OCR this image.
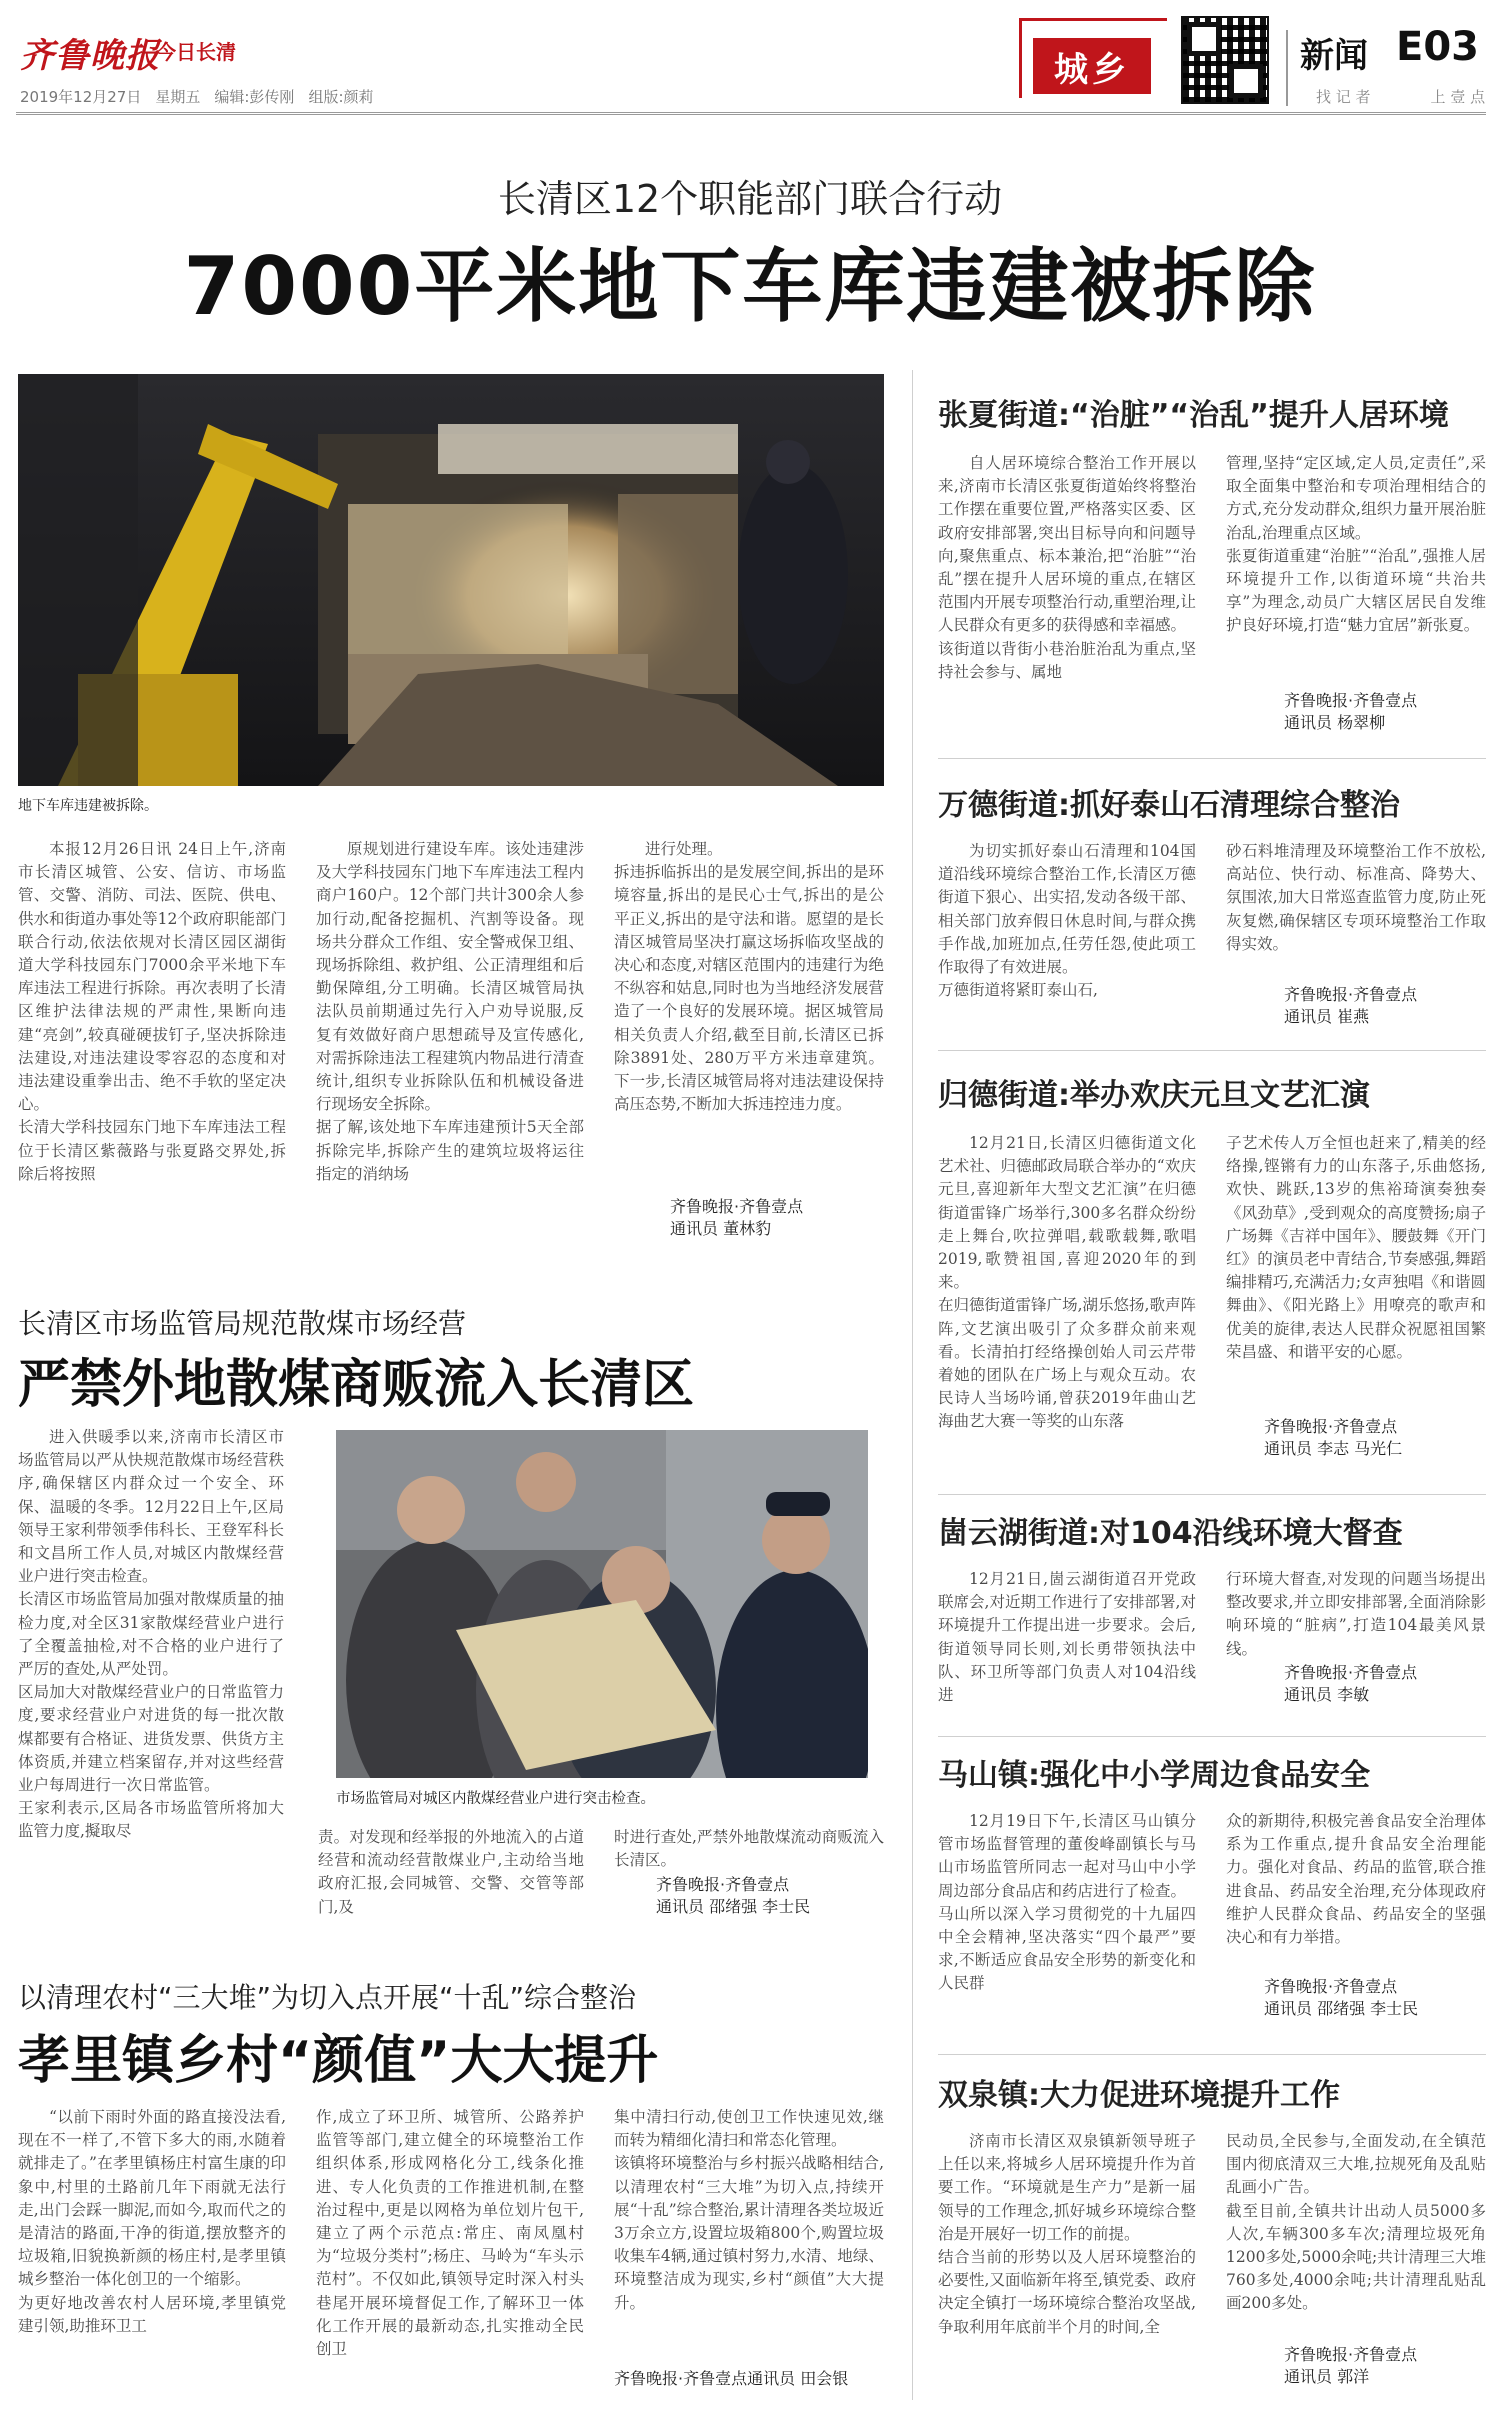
齐鲁晚报
今日长清
2019年12月27日 星期五 编辑:彭传刚 组版:颜莉
城乡	新闻 E03
找 记 者	上 壹 点
长清区12个职能部门联合行动
7000平米地下车库违建被拆除
地下车库违建被拆除。

本报12月26日讯 24日上午,济南市长清区城管、公安、信访、市场监管、交警、消防、司法、医院、供电、供水和街道办事处等12个政府职能部门联合行动,依法依规对长清区园区湖街道大学科技园东门7000余平米地下车库违法工程进行拆除。再次表明了长清区维护法律法规的严肃性,果断向违建“亮剑”,较真碰硬拔钉子,坚决拆除违法建设,对违法建设零容忍的态度和对违法建设重拳出击、绝不手软的坚定决心。
长清大学科技园东门地下车库违法工程位于长清区紫薇路与张夏路交界处,拆除后将按照

原规划进行建设车库。该处违建涉及大学科技园东门地下车库违法工程内商户160户。12个部门共计300余人参加行动,配备挖掘机、汽割等设备。现场共分群众工作组、安全警戒保卫组、现场拆除组、救护组、公正清理组和后勤保障组,分工明确。长清区城管局执法队员前期通过先行入户劝导说服,反复有效做好商户思想疏导及宣传感化,对需拆除违法工程建筑内物品进行清查统计,组织专业拆除队伍和机械设备进行现场安全拆除。
据了解,该处地下车库违建预计5天全部拆除完毕,拆除产生的建筑垃圾将运往指定的消纳场

进行处理。
拆违拆临拆出的是发展空间,拆出的是环境容量,拆出的是民心士气,拆出的是公平正义,拆出的是守法和谐。愿望的是长清区城管局坚决打赢这场拆临攻坚战的决心和态度,对辖区范围内的违建行为绝不纵容和姑息,同时也为当地经济发展营造了一个良好的发展环境。据区城管局相关负责人介绍,截至目前,长清区已拆除3891处、280万平方米违章建筑。下一步,长清区城管局将对违法建设保持高压态势,不断加大拆违控违力度。

齐鲁晚报·齐鲁壹点
通讯员 董林豹
长清区市场监管局规范散煤市场经营
严禁外地散煤商贩流入长清区

进入供暖季以来,济南市长清区市场监管局以严从快规范散煤市场经营秩序,确保辖区内群众过一个安全、环保、温暖的冬季。12月22日上午,区局领导王家利带领季伟科长、王登军科长和文昌所工作人员,对城区内散煤经营业户进行突击检查。
长清区市场监管局加强对散煤质量的抽检力度,对全区31家散煤经营业户进行了全覆盖抽检,对不合格的业户进行了严厉的查处,从严处罚。
区局加大对散煤经营业户的日常监管力度,要求经营业户对进货的每一批次散煤都要有合格证、进货发票、供货方主体资质,并建立档案留存,并对这些经营业户每周进行一次日常监管。
王家利表示,区局各市场监管所将加大监管力度,擬取尽

市场监管局对城区内散煤经营业户进行突击检查。

责。对发现和经举报的外地流入的占道经营和流动经营散煤业户,主动给当地政府汇报,会同城管、交警、交管等部门,及

时进行查处,严禁外地散煤流动商贩流入长清区。

齐鲁晚报·齐鲁壹点
通讯员 邵绪强 李士民
以清理农村“三大堆”为切入点开展“十乱”综合整治
孝里镇乡村“颜值”大大提升

“以前下雨时外面的路直接没法看,现在不一样了,不管下多大的雨,水随着就排走了。”在孝里镇杨庄村富生康的印象中,村里的土路前几年下雨就无法行走,出门会踩一脚泥,而如今,取而代之的是清洁的路面,干净的街道,摆放整齐的垃圾箱,旧貌换新颜的杨庄村,是孝里镇城乡整治一体化创卫的一个缩影。
为更好地改善农村人居环境,孝里镇党建引领,助推环卫工

作,成立了环卫所、城管所、公路养护监管等部门,建立健全的环境整治工作组织体系,形成网格化分工,线条化推进、专人化负责的工作推进机制,在整治过程中,更是以网格为单位划片包干,建立了两个示范点:常庄、南凤凰村为“垃圾分类村”;杨庄、马岭为“车头示范村”。不仅如此,镇领导定时深入村头巷尾开展环境督促工作,了解环卫一体化工作开展的最新动态,扎实推动全民创卫

集中清扫行动,使创卫工作快速见效,继而转为精细化清扫和常态化管理。
该镇将环境整治与乡村振兴战略相结合,以清理农村“三大堆”为切入点,持续开展“十乱”综合整治,累计清理各类垃圾近3万余立方,设置垃圾箱800个,购置垃圾收集车4辆,通过镇村努力,水清、地绿、环境整洁成为现实,乡村“颜值”大大提升。

齐鲁晚报·齐鲁壹点通讯员 田会银
张夏街道:“治脏”“治乱”提升人居环境

自人居环境综合整治工作开展以来,济南市长清区张夏街道始终将整治工作摆在重要位置,严格落实区委、区政府安排部署,突出目标导向和问题导向,聚焦重点、标本兼治,把“治脏”“治乱”摆在提升人居环境的重点,在辖区范围内开展专项整治行动,重塑治理,让人民群众有更多的获得感和幸福感。
该街道以背街小巷治脏治乱为重点,坚持社会参与、属地

管理,坚持“定区域,定人员,定责任”,采取全面集中整治和专项治理相结合的方式,充分发动群众,组织力量开展治脏治乱,治理重点区域。
张夏街道重建“治脏”“治乱”,强推人居环境提升工作,以街道环境“共治共享”为理念,动员广大辖区居民自发维护良好环境,打造“魅力宜居”新张夏。

齐鲁晚报·齐鲁壹点
通讯员 杨翠柳
万德街道:抓好泰山石清理综合整治

为切实抓好泰山石清理和104国道沿线环境综合整治工作,长清区万德街道下狠心、出实招,发动各级干部、相关部门放弃假日休息时间,与群众携手作战,加班加点,任劳任怨,使此项工作取得了有效进展。
万德街道将紧盯泰山石,

砂石料堆清理及环境整治工作不放松,高站位、快行动、标准高、降势大、氛围浓,加大日常巡查监管力度,防止死灰复燃,确保辖区专项环境整治工作取得实效。

齐鲁晚报·齐鲁壹点
通讯员 崔燕
归德街道:举办欢庆元旦文艺汇演

12月21日,长清区归德街道文化艺术社、归德邮政局联合举办的“欢庆元旦,喜迎新年大型文艺汇演”在归德街道雷锋广场举行,300多名群众纷纷走上舞台,吹拉弹唱,载歌载舞,歌唱2019,歌赞祖国,喜迎2020年的到来。
在归德街道雷锋广场,湖乐悠扬,歌声阵阵,文艺演出吸引了众多群众前来观看。长清拍打经络操创始人司云芹带着她的团队在广场上与观众互动。农民诗人当场吟诵,曾获2019年曲山艺海曲艺大赛一等奖的山东落

子艺术传人万全恒也赶来了,精美的经络操,铿锵有力的山东落子,乐曲悠扬,欢快、跳跃,13岁的焦裕琦演奏独奏《风劲草》,受到观众的高度赞扬;扇子广场舞《吉祥中国年》、腰鼓舞《开门红》的演员老中青结合,节奏感强,舞蹈编排精巧,充满活力;女声独唱《和谐圆舞曲》、《阳光路上》用嘹亮的歌声和优美的旋律,表达人民群众祝愿祖国繁荣昌盛、和谐平安的心愿。

齐鲁晚报·齐鲁壹点
通讯员 李志 马光仁
崮云湖街道:对104沿线环境大督查

12月21日,崮云湖街道召开党政联席会,对近期工作进行了安排部署,对环境提升工作提出进一步要求。会后,街道领导同长则,刘长勇带领执法中队、环卫所等部门负责人对104沿线进

行环境大督查,对发现的问题当场提出整改要求,并立即安排部署,全面消除影响环境的“脏病”,打造104最美风景线。

齐鲁晚报·齐鲁壹点
通讯员 李敏
马山镇:强化中小学周边食品安全

12月19日下午,长清区马山镇分管市场监督管理的董俊峰副镇长与马山市场监管所同志一起对马山中小学周边部分食品店和药店进行了检查。
马山所以深入学习贯彻党的十九届四中全会精神,坚决落实“四个最严”要求,不断适应食品安全形势的新变化和人民群

众的新期待,积极完善食品安全治理体系为工作重点,提升食品安全治理能力。强化对食品、药品的监管,联合推进食品、药品安全治理,充分体现政府维护人民群众食品、药品安全的坚强决心和有力举措。

齐鲁晚报·齐鲁壹点
通讯员 邵绪强 李士民
双泉镇:大力促进环境提升工作

济南市长清区双泉镇新领导班子上任以来,将城乡人居环境提升作为首要工作。“环境就是生产力”是新一届领导的工作理念,抓好城乡环境综合整治是开展好一切工作的前提。
结合当前的形势以及人居环境整治的必要性,又面临新年将至,镇党委、政府决定全镇打一场环境综合整治攻坚战,争取利用年底前半个月的时间,全

民动员,全民参与,全面发动,在全镇范围内彻底清双三大堆,拉规死角及乱贴乱画小广告。
截至目前,全镇共计出动人员5000多人次,车辆300多车次;清理垃圾死角1200多处,5000余吨;共计清理三大堆760多处,4000余吨;共计清理乱贴乱画200多处。

齐鲁晚报·齐鲁壹点
通讯员 郭洋
